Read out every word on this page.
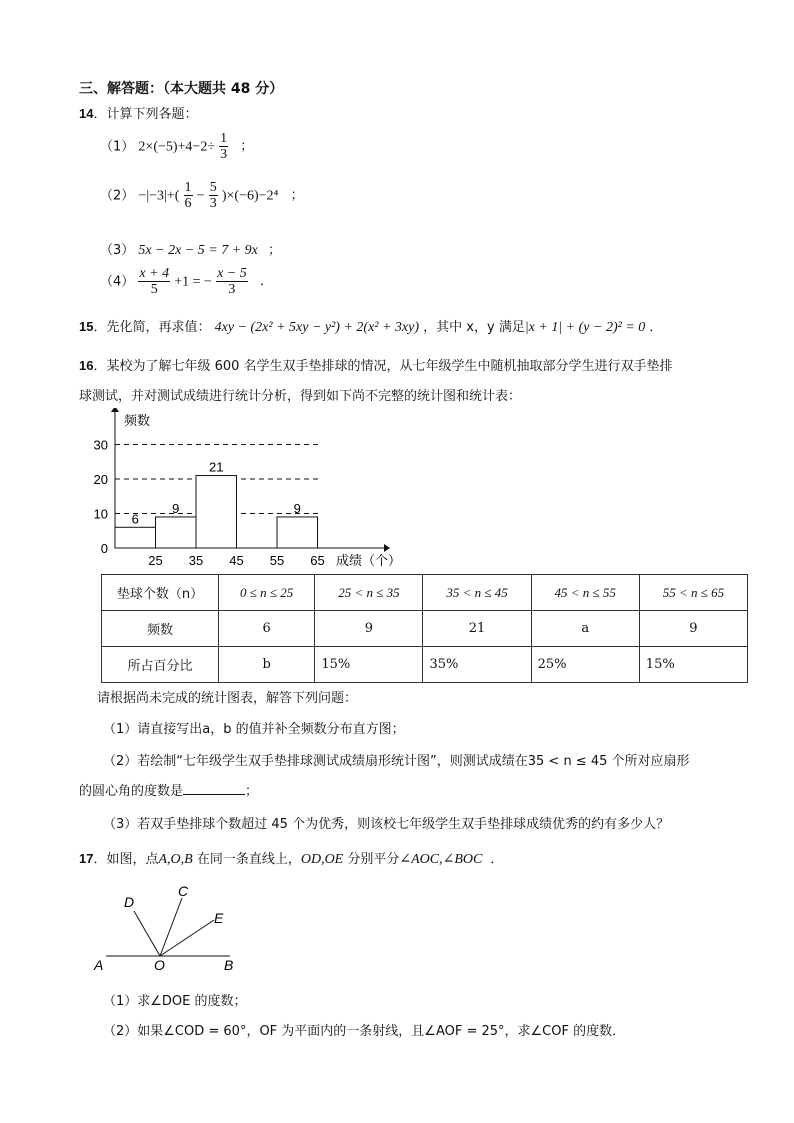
三、解答题：（本大题共 48 分）
14．计算下列各题：
（1） $2\times(-5)+4-2\div \frac{1}{3}$ ；
$(2) -|-3|+( \frac{1}{6} - \frac{5}{3} )\times(-6)-2^4$ ；
（3） 5x − 2x − 5 = 7 + 9x ；
$(4) \frac{x + 4}{5} +1$ = − $\frac{x - 5}{3}$ ．
15．先化简，再求值： 4xy − (2x² + 5xy − y²) + 2(x² + 3xy) ，其中 x，y 满足|x + 1| + (y − 2)² = 0 ．
16．某校为了解七年级 600 名学生双手垫排球的情况，从七年级学生中随机抽取部分学生进行双手垫排
球测试，并对测试成绩进行统计分析，得到如下尚不完整的统计图和统计表：
6
9
21
9
0
10
20
30
25 35 45 55 65
频数
成绩（个）
垫球个数（n）	0 ≤ n ≤ 25	25 < n ≤ 35	35 < n ≤ 45	45 < n ≤ 55	55 < n ≤ 65
频数	6	9	21	a	9
所占百分比	b	15%	35%	25%	15%
请根据尚未完成的统计图表，解答下列问题：
（1）请直接写出a，b 的值并补全频数分布直方图；
（2）若绘制“七年级学生双手垫排球测试成绩扇形统计图”，则测试成绩在35 < n ≤ 45 个所对应扇形
的圆心角的度数是	；
（3）若双手垫排球个数超过 45 个为优秀，则该校七年级学生双手垫排球成绩优秀的约有多少人？
17．如图，点A,O,B 在同一条直线上，OD,OE 分别平分∠AOC,∠BOC ．
A	O	B
C
D
E
（1）求∠DOE 的度数；
（2）如果∠COD = 60°，OF 为平面内的一条射线，且∠AOF = 25°，求∠COF 的度数．
